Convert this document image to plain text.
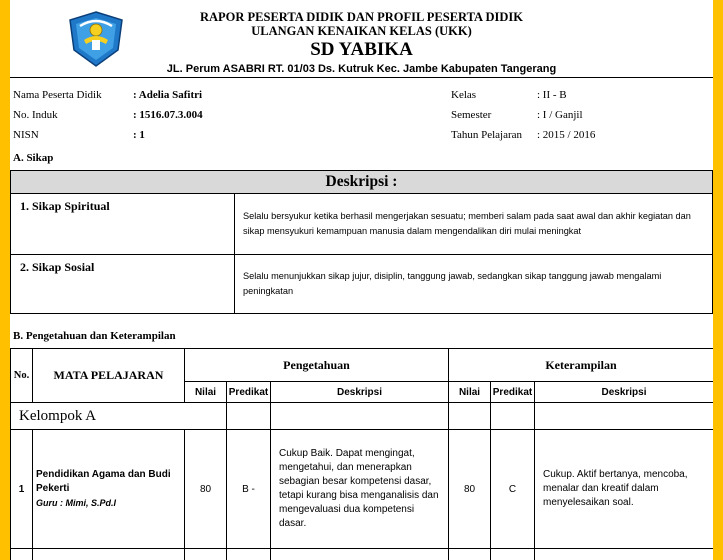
RAPOR PESERTA DIDIK DAN PROFIL PESERTA DIDIK
ULANGAN KENAIKAN KELAS (UKK)
SD YABIKA
JL. Perum ASABRI RT. 01/03 Ds. Kutruk Kec. Jambe Kabupaten Tangerang
Nama Peserta Didik	: Adelia Safitri	Kelas	: II - B
No. Induk	: 1516.07.3.004	Semester	: I / Ganjil
NISN	: 1	Tahun Pelajaran : 2015 / 2016
A. Sikap
Deskripsi :	
1. Sikap Spiritual	Selalu bersyukur ketika berhasil mengerjakan sesuatu; memberi salam pada saat awal dan akhir kegiatan dan sikap mensyukuri kemampuan manusia dalam mengendalikan diri mulai meningkat
2. Sikap Sosial	Selalu menunjukkan sikap jujur, disiplin, tanggung jawab, sedangkan sikap tanggung jawab mengalami peningkatan
B. Pengetahuan dan Keterampilan
No.	MATA PELAJARAN	Pengetahuan			Keterampilan		
		Nilai	Predikat	Deskripsi	Nilai	Predikat	Deskripsi
Kelompok A							
1	Pendidikan Agama dan Budi Pekerti
Guru : Mimi, S.Pd.I	80	B -	Cukup Baik. Dapat mengingat, mengetahui, dan menerapkan sebagian besar kompetensi dasar, tetapi kurang bisa menganalisis dan mengevaluasi dua kompetensi dasar.	80	C	Cukup. Aktif bertanya, mencoba, menalar dan kreatif dalam menyelesaikan soal.
